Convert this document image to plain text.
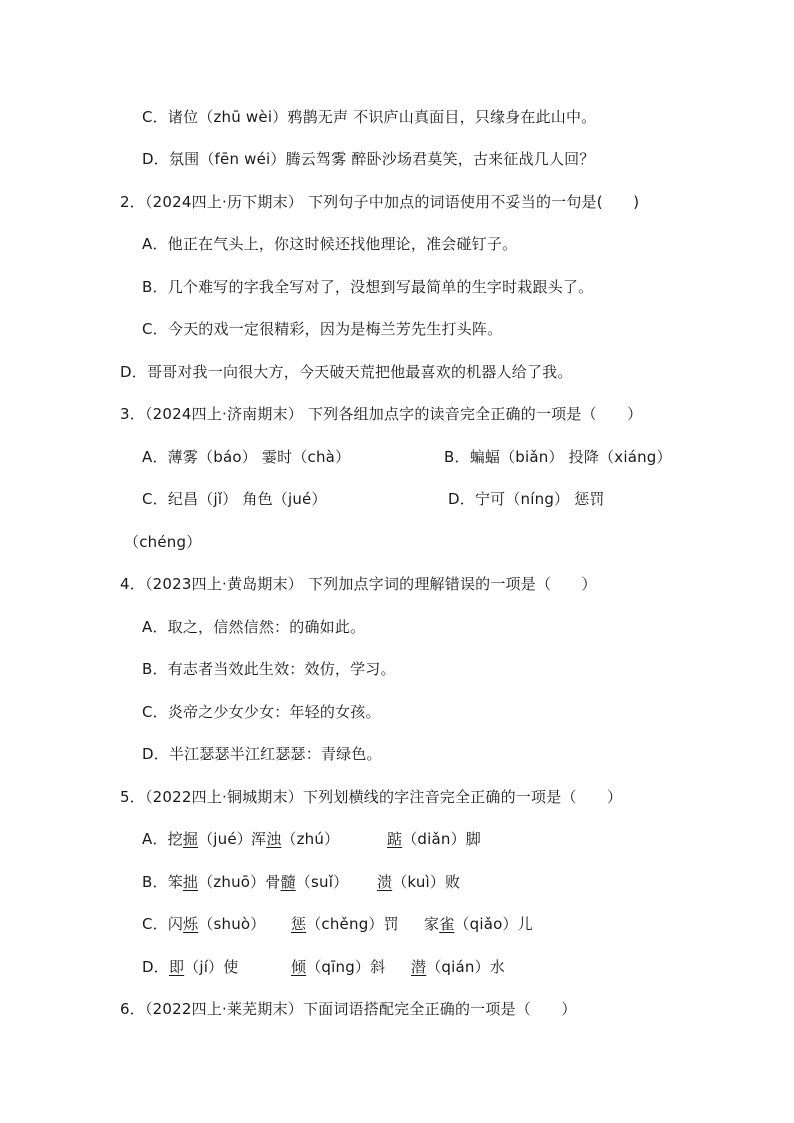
C．诸位（zhū wèi）鸦鹊无声 不识庐山真面目，只缘身在此山中。
D．氛围（fēn wéi）腾云驾雾 醉卧沙场君莫笑，古来征战几人回？
2．（2024四上·历下期末） 下列句子中加点的词语使用不妥当的一句是(　　)
A．他正在气头上，你这时候还找他理论，准会碰钉子。
B．几个难写的字我全写对了，没想到写最简单的生字时栽跟头了。
C．今天的戏一定很精彩，因为是梅兰芳先生打头阵。
D．哥哥对我一向很大方，今天破天荒把他最喜欢的机器人给了我。
3．（2024四上·济南期末） 下列各组加点字的读音完全正确的一项是（　　）
A．薄雾（báo） 霎时（chà）	B．蝙蝠（biǎn） 投降（xiáng）
C．纪昌（jǐ） 角色（jué）	D．宁可（níng） 惩罚
（chéng）
4．（2023四上·黄岛期末） 下列加点字词的理解错误的一项是（　　）
A．取之，信然信然：的确如此。
B．有志者当效此生效：效仿，学习。
C．炎帝之少女少女：年轻的女孩。
D．半江瑟瑟半江红瑟瑟：青绿色。
5．（2022四上·铜城期末）下列划横线的字注音完全正确的一项是（　　）
A．挖掘（jué） 浑浊（zhú）	踮（diǎn）脚
B．笨拙（zhuō）骨髓（suǐ） 溃（kuì）败
C．闪烁（shuò） 惩（chěng）罚 家雀（qiǎo）儿
D．即（jí）使	倾（qīng）斜 潜（qián）水
6．（2022四上·莱芜期末）下面词语搭配完全正确的一项是（　　）
